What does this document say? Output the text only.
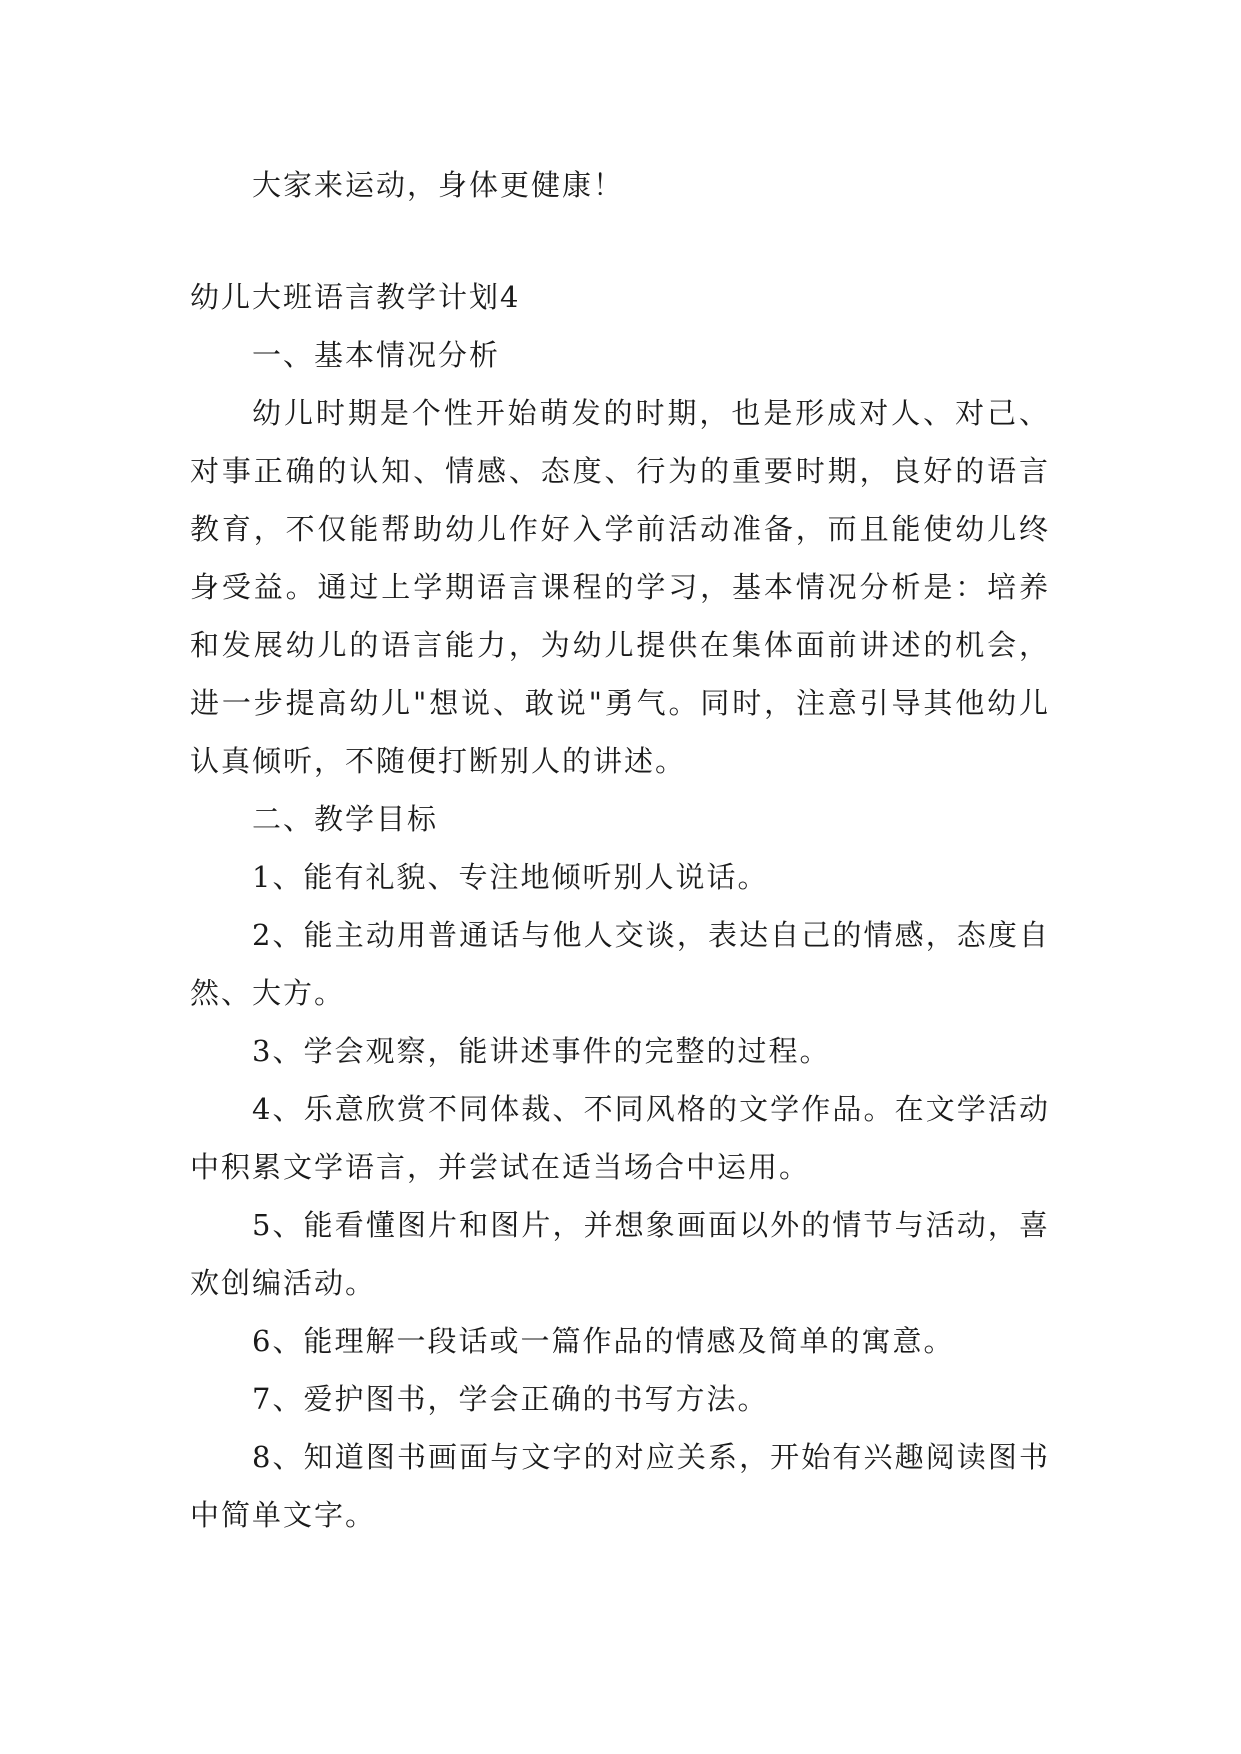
大家来运动，身体更健康！

幼儿大班语言教学计划4

一、基本情况分析

幼儿时期是个性开始萌发的时期，也是形成对人、对己、对事正确的认知、情感、态度、行为的重要时期，良好的语言教育，不仅能帮助幼儿作好入学前活动准备，而且能使幼儿终身受益。通过上学期语言课程的学习，基本情况分析是：培养和发展幼儿的语言能力，为幼儿提供在集体面前讲述的机会，进一步提高幼儿"想说、敢说"勇气。同时，注意引导其他幼儿认真倾听，不随便打断别人的讲述。

二、教学目标

1、能有礼貌、专注地倾听别人说话。

2、能主动用普通话与他人交谈，表达自己的情感，态度自然、大方。

3、学会观察，能讲述事件的完整的过程。

4、乐意欣赏不同体裁、不同风格的文学作品。在文学活动中积累文学语言，并尝试在适当场合中运用。

5、能看懂图片和图片，并想象画面以外的情节与活动，喜欢创编活动。

6、能理解一段话或一篇作品的情感及简单的寓意。

7、爱护图书，学会正确的书写方法。

8、知道图书画面与文字的对应关系，开始有兴趣阅读图书中简单文字。
